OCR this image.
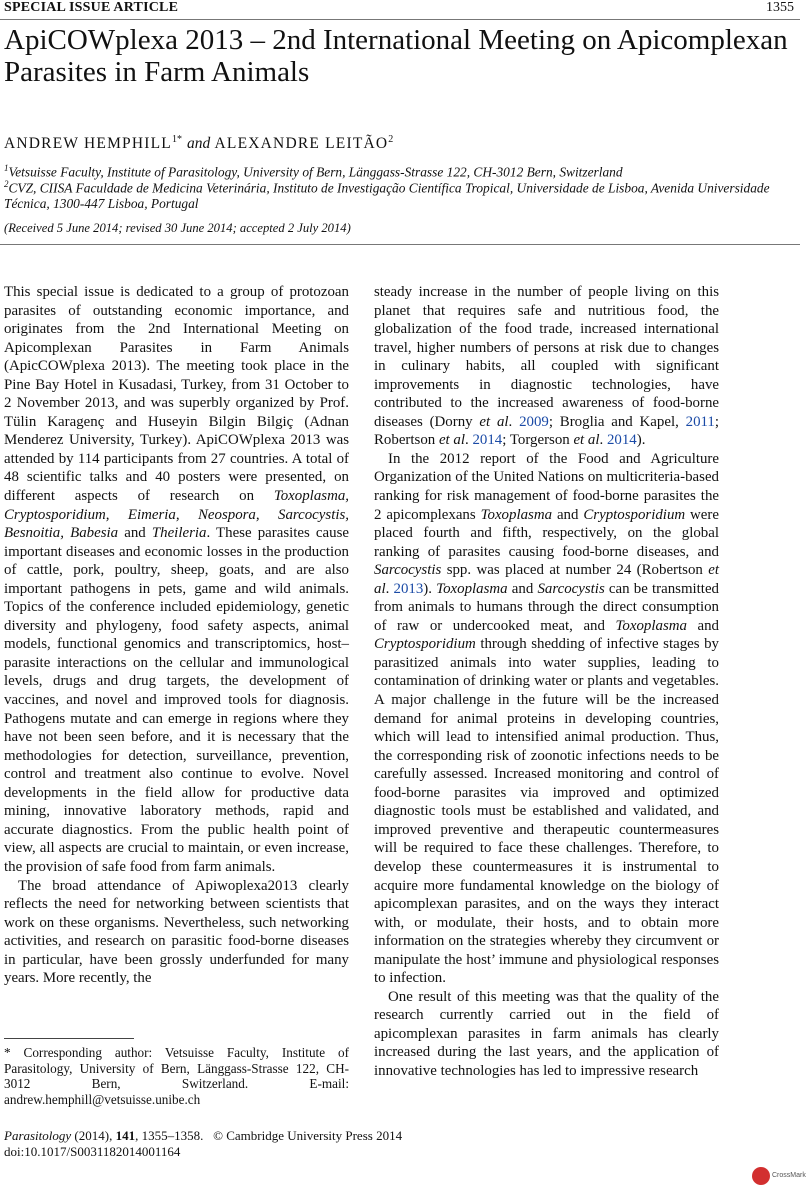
SPECIAL ISSUE ARTICLE	1355
ApiCOWplexa 2013 – 2nd International Meeting on Apicomplexan Parasites in Farm Animals
ANDREW $HEMPHILL^{1*}$ and ALEXANDRE LEITÃO$^2$
$^1$Vetsuisse Faculty, Institute of Parasitology, University of Bern, Länggass-Strasse 122, CH-3012 Bern, Switzerland
$^2$CVZ, CIISA Faculdade de Medicina Veterinária, Instituto de Investigação Científica Tropical, Universidade de Lisboa, Avenida Universidade Técnica, 1300-447 Lisboa, Portugal
(Received 5 June 2014; revised 30 June 2014; accepted 2 July 2014)

This special issue is dedicated to a group of protozoan parasites of outstanding economic importance, and originates from the 2nd International Meeting on Apicomplexan Parasites in Farm Animals (ApicCOWplexa 2013). The meeting took place in the Pine Bay Hotel in Kusadasi, Turkey, from 31 October to 2 November 2013, and was superbly organized by Prof. Tülin Karagenç and Huseyin Bilgin Bilgiç (Adnan Menderez University, Turkey). ApiCOWplexa 2013 was attended by 114 participants from 27 countries. A total of 48 scientific talks and 40 posters were presented, on different aspects of research on Toxoplasma, Cryptosporidium, Eimeria, Neospora, Sarcocystis, Besnoitia, Babesia and Theileria. These parasites cause important diseases and economic losses in the production of cattle, pork, poultry, sheep, goats, and are also important pathogens in pets, game and wild animals. Topics of the conference included epidemiology, genetic diversity and phylogeny, food safety aspects, animal models, functional genomics and transcriptomics, host–parasite interactions on the cellular and immunological levels, drugs and drug targets, the development of vaccines, and novel and improved tools for diagnosis. Pathogens mutate and can emerge in regions where they have not been seen before, and it is necessary that the methodologies for detection, surveillance, prevention, control and treatment also continue to evolve. Novel developments in the field allow for productive data mining, innovative laboratory methods, rapid and accurate diagnostics. From the public health point of view, all aspects are crucial to maintain, or even increase, the provision of safe food from farm animals.

The broad attendance of Apiwoplexa2013 clearly reflects the need for networking between scientists that work on these organisms. Nevertheless, such networking activities, and research on parasitic food-borne diseases in particular, have been grossly underfunded for many years. More recently, the

steady increase in the number of people living on this planet that requires safe and nutritious food, the globalization of the food trade, increased international travel, higher numbers of persons at risk due to changes in culinary habits, all coupled with significant improvements in diagnostic technologies, have contributed to the increased awareness of food-borne diseases (Dorny et al. 2009; Broglia and Kapel, 2011; Robertson et al. 2014; Torgerson et al. 2014).

In the 2012 report of the Food and Agriculture Organization of the United Nations on multicriteria-based ranking for risk management of food-borne parasites the 2 apicomplexans Toxoplasma and Cryptosporidium were placed fourth and fifth, respectively, on the global ranking of parasites causing food-borne diseases, and Sarcocystis spp. was placed at number 24 (Robertson et al. 2013). Toxoplasma and Sarcocystis can be transmitted from animals to humans through the direct consumption of raw or undercooked meat, and Toxoplasma and Cryptosporidium through shedding of infective stages by parasitized animals into water supplies, leading to contamination of drinking water or plants and vegetables. A major challenge in the future will be the increased demand for animal proteins in developing countries, which will lead to intensified animal production. Thus, the corresponding risk of zoonotic infections needs to be carefully assessed. Increased monitoring and control of food-borne parasites via improved and optimized diagnostic tools must be established and validated, and improved preventive and therapeutic countermeasures will be required to face these challenges. Therefore, to develop these countermeasures it is instrumental to acquire more fundamental knowledge on the biology of apicomplexan parasites, and on the ways they interact with, or modulate, their hosts, and to obtain more information on the strategies whereby they circumvent or manipulate the host’ immune and physiological responses to infection.

One result of this meeting was that the quality of the research currently carried out in the field of apicomplexan parasites in farm animals has clearly increased during the last years, and the application of innovative technologies has led to impressive research

* Corresponding author: Vetsuisse Faculty, Institute of Parasitology, University of Bern, Länggass-Strasse 122, CH-3012 Bern, Switzerland. E-mail: andrew.hemphill@vetsuisse.unibe.ch
Parasitology (2014), 141, 1355–1358. © Cambridge University Press 2014
doi:10.1017/S0031182014001164
CrossMark
